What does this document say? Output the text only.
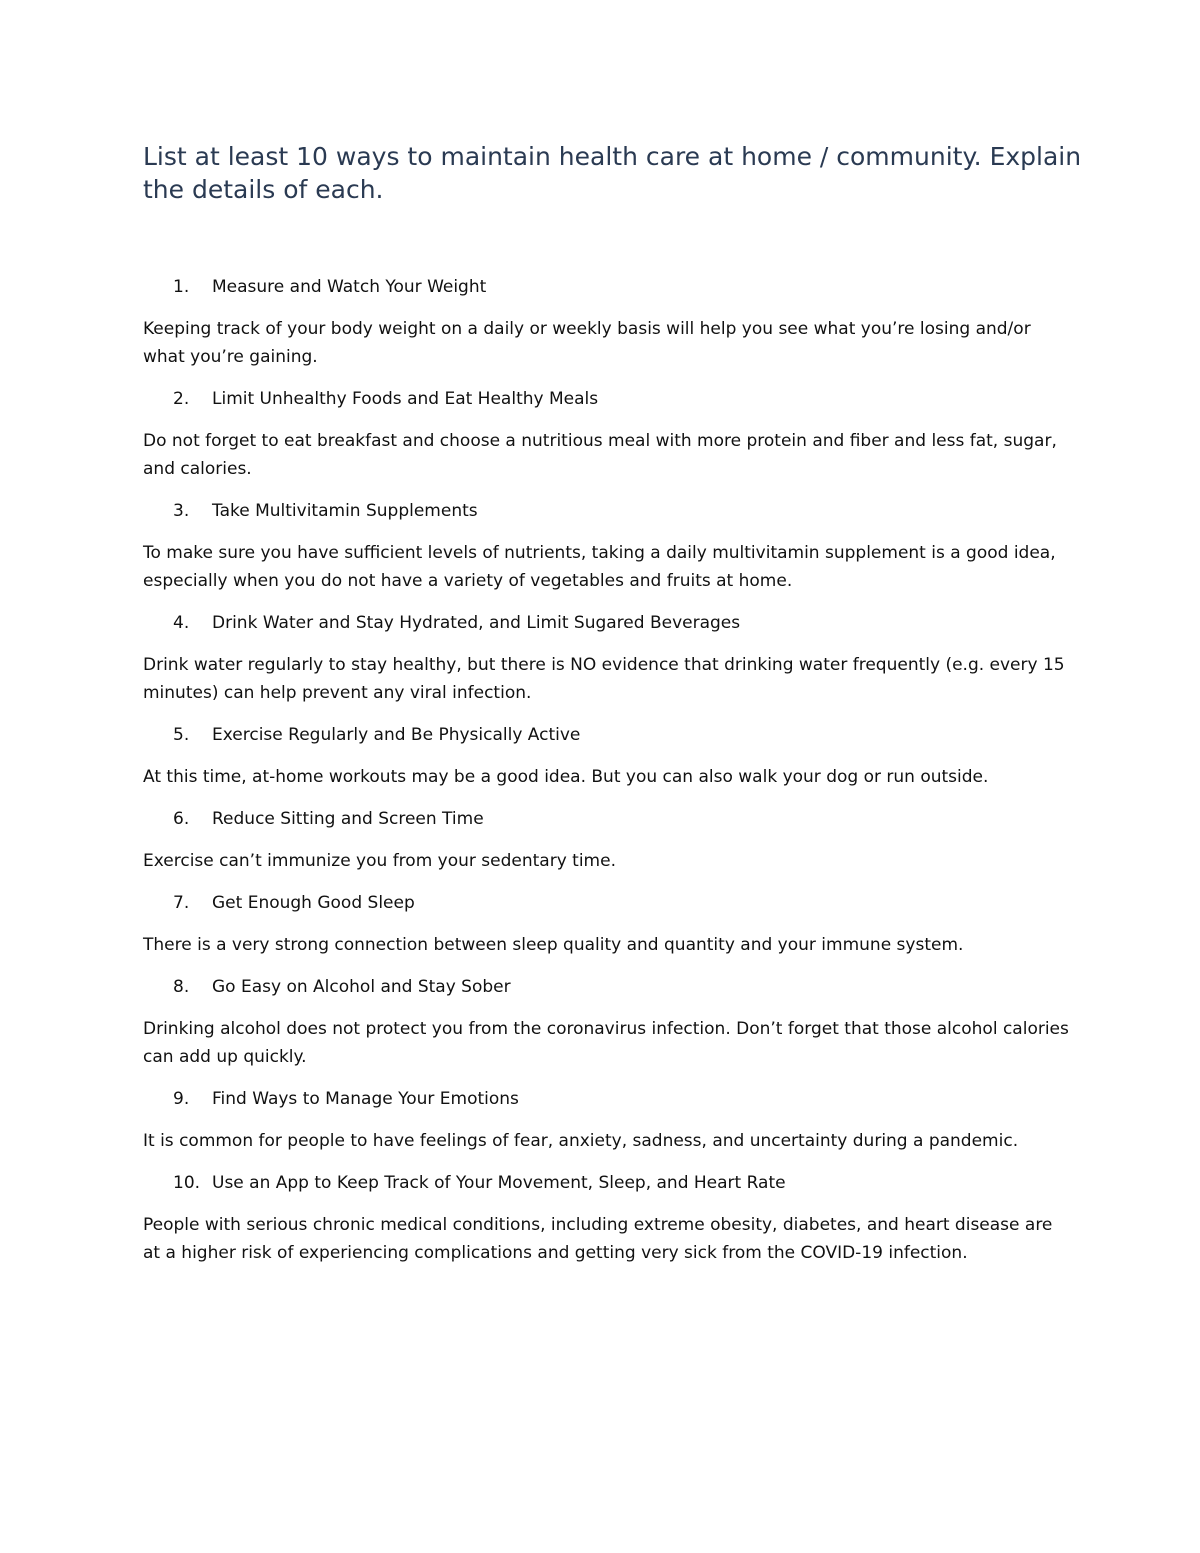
List at least 10 ways to maintain health care at home / community. Explain the details of each.

1.	Measure and Watch Your Weight

Keeping track of your body weight on a daily or weekly basis will help you see what you’re losing and/or what you’re gaining.

2.	Limit Unhealthy Foods and Eat Healthy Meals

Do not forget to eat breakfast and choose a nutritious meal with more protein and fiber and less fat, sugar, and calories.

3.	Take Multivitamin Supplements

To make sure you have sufficient levels of nutrients, taking a daily multivitamin supplement is a good idea, especially when you do not have a variety of vegetables and fruits at home.

4.	Drink Water and Stay Hydrated, and Limit Sugared Beverages

Drink water regularly to stay healthy, but there is NO evidence that drinking water frequently (e.g. every 15 minutes) can help prevent any viral infection.

5.	Exercise Regularly and Be Physically Active

At this time, at-home workouts may be a good idea. But you can also walk your dog or run outside.

6.	Reduce Sitting and Screen Time

Exercise can’t immunize you from your sedentary time.

7.	Get Enough Good Sleep

There is a very strong connection between sleep quality and quantity and your immune system.

8.	Go Easy on Alcohol and Stay Sober

Drinking alcohol does not protect you from the coronavirus infection. Don’t forget that those alcohol calories can add up quickly.

9.	Find Ways to Manage Your Emotions

It is common for people to have feelings of fear, anxiety, sadness, and uncertainty during a pandemic.

10. Use an App to Keep Track of Your Movement, Sleep, and Heart Rate

People with serious chronic medical conditions, including extreme obesity, diabetes, and heart disease are at a higher risk of experiencing complications and getting very sick from the COVID-19 infection.
